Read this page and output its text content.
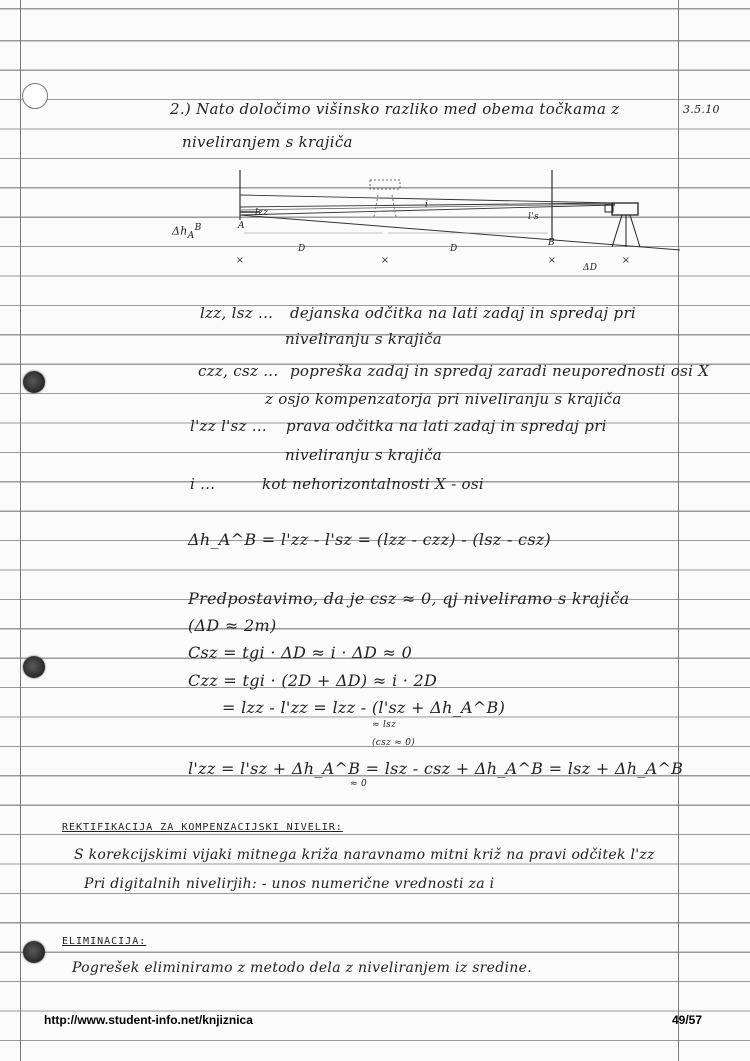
3.5.10
2.) Nato določimo višinsko razliko med obema točkama z
niveliranjem s krajiča
×	×	×	×
$\Delta h_A^B$	A
B
lzz	l's
i
D	D
ΔD
lzz, lsz ... dejanska odčitka na lati zadaj in spredaj pri
niveliranju s krajiča
czz, csz ... popreška zadaj in spredaj zaradi neuporednosti osi X
z osjo kompenzatorja pri niveliranju s krajiča
l'zz l'sz ... prava odčitka na lati zadaj in spredaj pri
niveliranju s krajiča
i ...	kot nehorizontalnosti X - osi
Δh_A^B = l'zz - l'sz = (lzz - czz) - (lsz - csz)
Predpostavimo, da je csz ≈ 0, qj niveliramo s krajiča
(ΔD ≈ 2m)
Csz = tgi · ΔD ≈ i · ΔD ≈ 0
Czz = tgi · (2D + ΔD) ≈ i · 2D
= lzz - l'zz = lzz - (l'sz + Δh_A^B)
≈ lsz
(csz ≈ 0)
l'zz = l'sz + Δh_A^B = lsz - csz + Δh_A^B = lsz + Δh_A^B
≈ 0
REKTIFIKACIJA ZA KOMPENZACIJSKI NIVELIR:
S korekcijskimi vijaki mitnega križa naravnamo mitni križ na pravi odčitek l'zz
Pri digitalnih nivelirjih: - unos numerične vrednosti za i
ELIMINACIJA:
Pogrešek eliminiramo z metodo dela z niveliranjem iz sredine.
http://www.student-info.net/knjiznica	49/57
